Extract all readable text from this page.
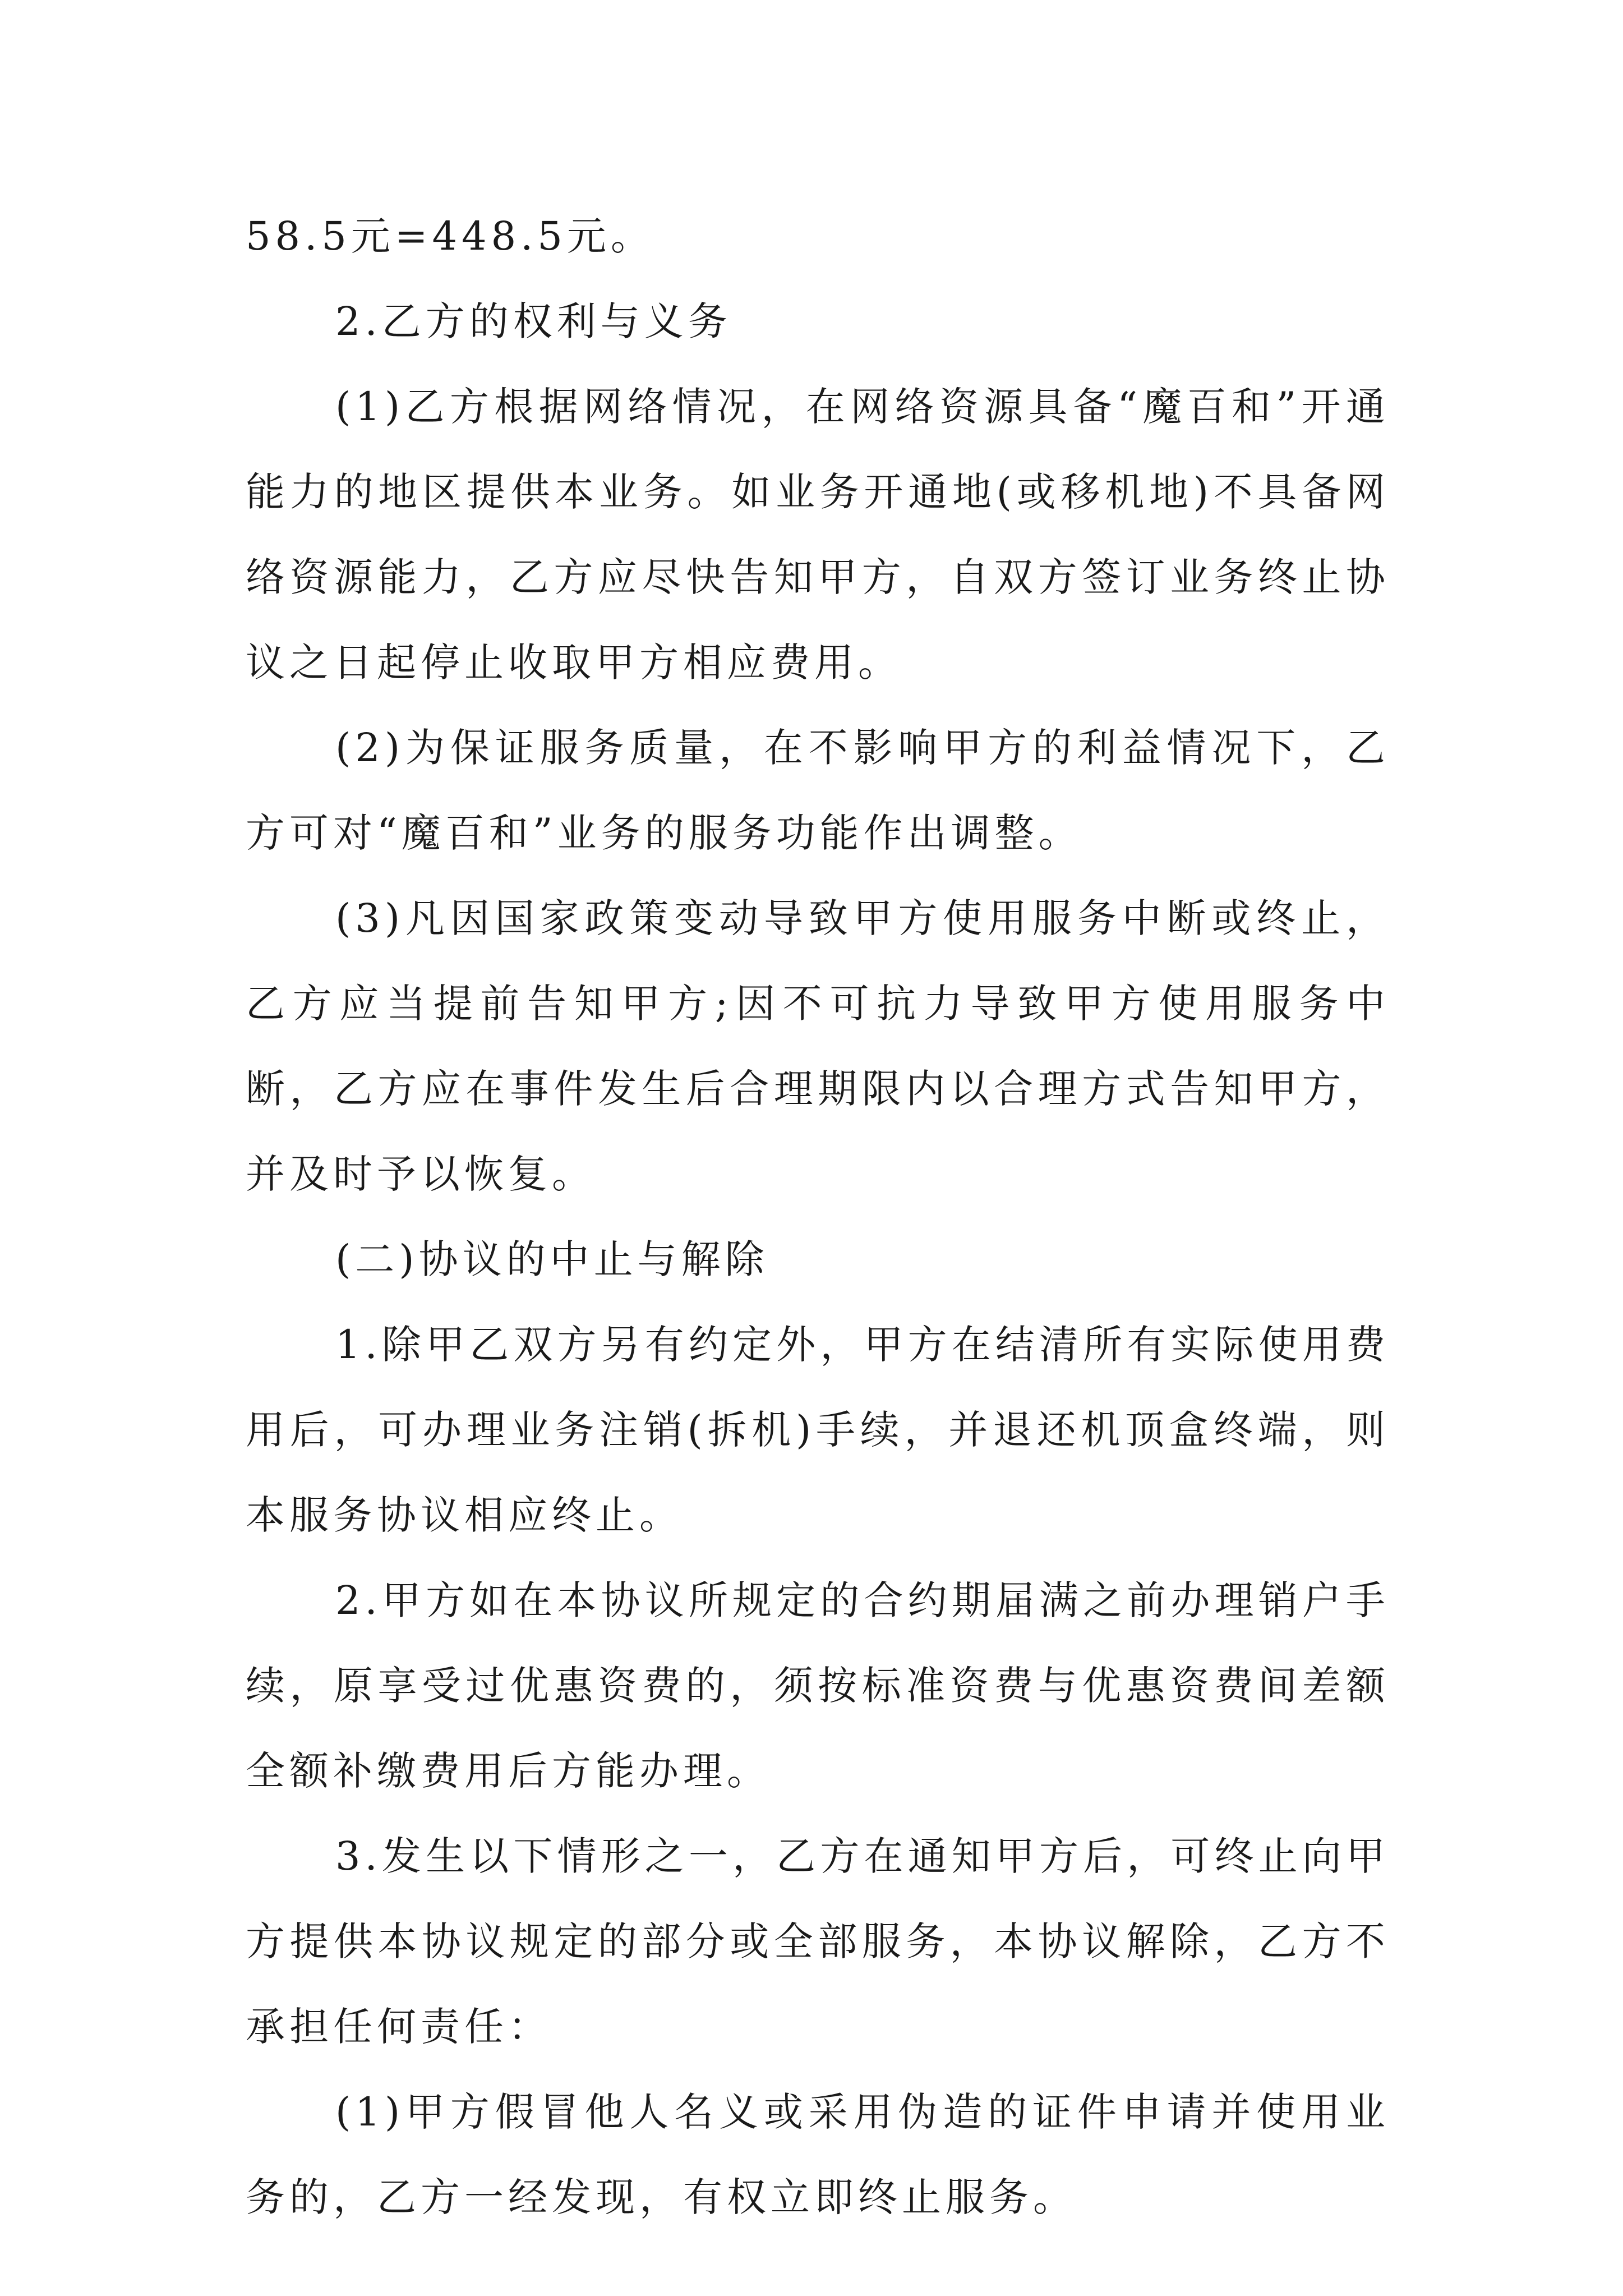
58.5元=448.5元。

2.乙方的权利与义务

(1)乙方根据网络情况，在网络资源具备“魔百和”开通能力的地区提供本业务。如业务开通地(或移机地)不具备网络资源能力，乙方应尽快告知甲方，自双方签订业务终止协议之日起停止收取甲方相应费用。

(2)为保证服务质量，在不影响甲方的利益情况下，乙方可对“魔百和”业务的服务功能作出调整。

(3)凡因国家政策变动导致甲方使用服务中断或终止，乙方应当提前告知甲方;因不可抗力导致甲方使用服务中断，乙方应在事件发生后合理期限内以合理方式告知甲方，并及时予以恢复。

(二)协议的中止与解除

1.除甲乙双方另有约定外，甲方在结清所有实际使用费用后，可办理业务注销(拆机)手续，并退还机顶盒终端，则本服务协议相应终止。

2.甲方如在本协议所规定的合约期届满之前办理销户手续，原享受过优惠资费的，须按标准资费与优惠资费间差额全额补缴费用后方能办理。

3.发生以下情形之一，乙方在通知甲方后，可终止向甲方提供本协议规定的部分或全部服务，本协议解除，乙方不承担任何责任：

(1)甲方假冒他人名义或采用伪造的证件申请并使用业务的，乙方一经发现，有权立即终止服务。
